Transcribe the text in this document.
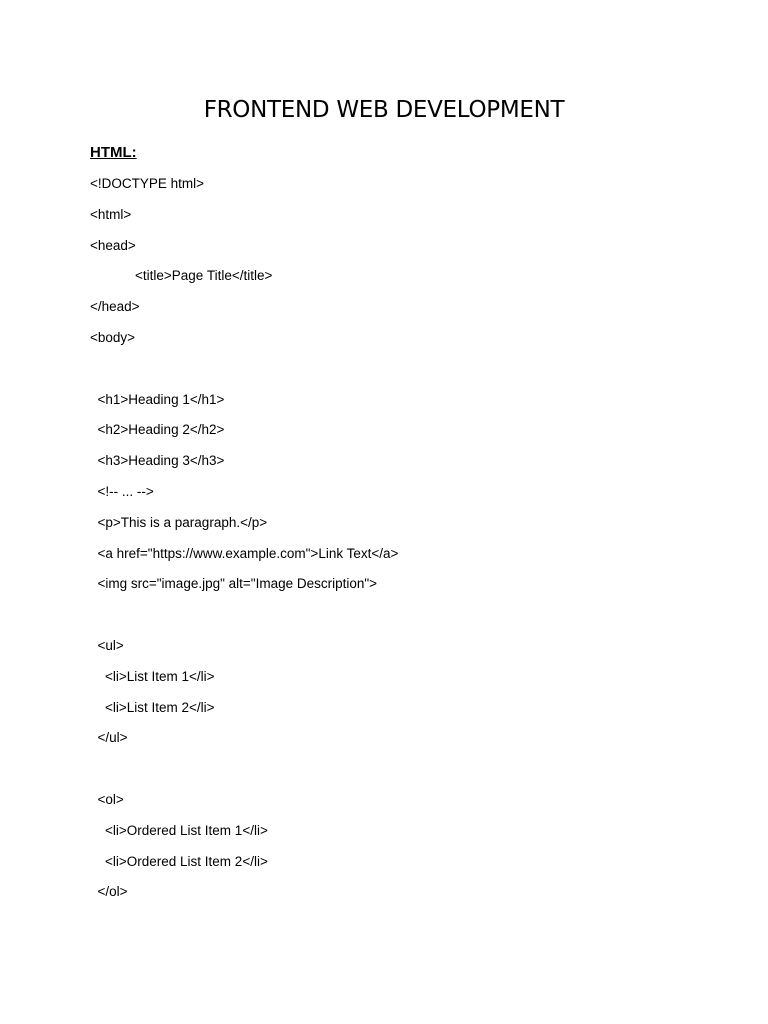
FRONTEND WEB DEVELOPMENT
HTML:
<!DOCTYPE html>
<html>
<head>
<title>Page Title</title>
</head>
<body>
<h1>Heading 1</h1>
<h2>Heading 2</h2>
<h3>Heading 3</h3>
<!-- ... -->
<p>This is a paragraph.</p>
<a href="https://www.example.com">Link Text</a>
<img src="image.jpg" alt="Image Description">
<ul>
<li>List Item 1</li>
<li>List Item 2</li>
</ul>
<ol>
<li>Ordered List Item 1</li>
<li>Ordered List Item 2</li>
</ol>
